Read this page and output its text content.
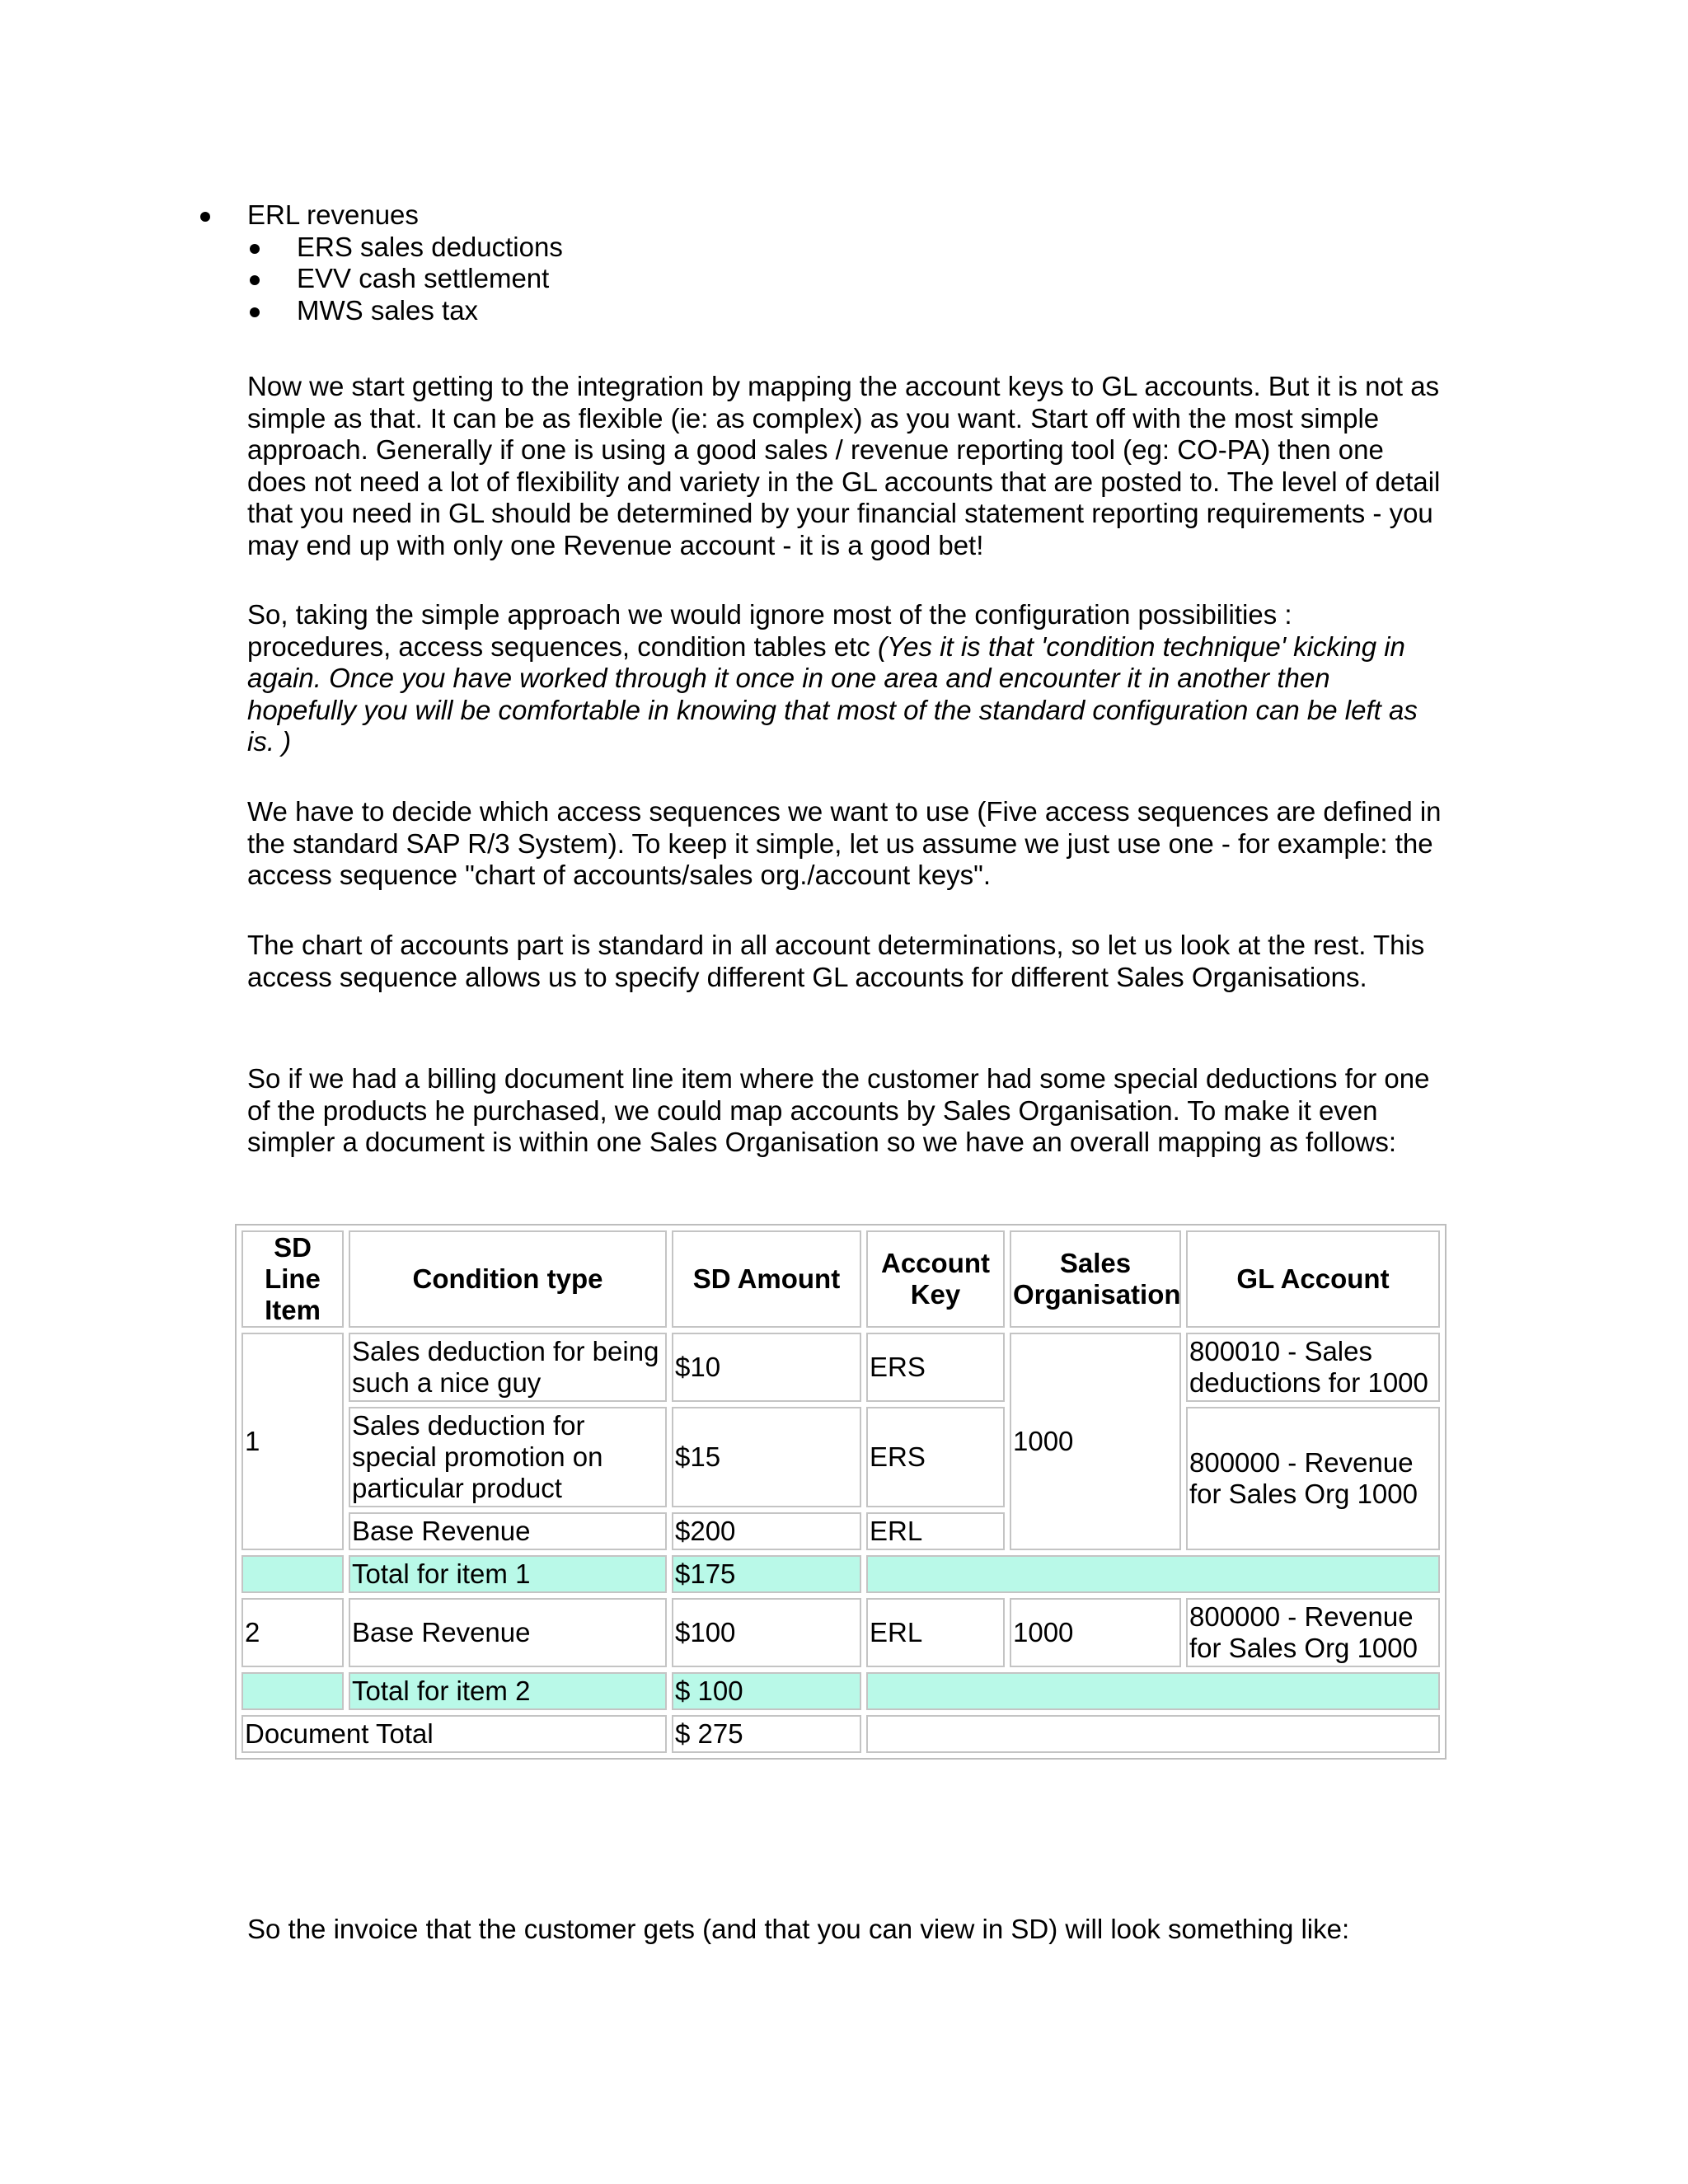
ERL revenues
ERS sales deductions
EVV cash settlement
MWS sales tax

Now we start getting to the integration by mapping the account keys to GL accounts. But it is not as simple as that. It can be as flexible (ie: as complex) as you want. Start off with the most simple approach. Generally if one is using a good sales / revenue reporting tool (eg: CO-PA) then one does not need a lot of flexibility and variety in the GL accounts that are posted to. The level of detail that you need in GL should be determined by your financial statement reporting requirements - you may end up with only one Revenue account - it is a good bet!

So, taking the simple approach we would ignore most of the configuration possibilities : procedures, access sequences, condition tables etc (Yes it is that 'condition technique' kicking in again. Once you have worked through it once in one area and encounter it in another then hopefully you will be comfortable in knowing that most of the standard configuration can be left as is. )

We have to decide which access sequences we want to use (Five access sequences are defined in the standard SAP R/3 System). To keep it simple, let us assume we just use one - for example: the access sequence "chart of accounts/sales org./account keys".

The chart of accounts part is standard in all account determinations, so let us look at the rest. This access sequence allows us to specify different GL accounts for different Sales Organisations.

So if we had a billing document line item where the customer had some special deductions for one of the products he purchased, we could map accounts by Sales Organisation. To make it even simpler a document is within one Sales Organisation so we have an overall mapping as follows:

SD Line Item	Condition type	SD Amount	Account Key	Sales Organisation	GL Account
1	Sales deduction for being such a nice guy	$10	ERS	1000	800010 - Sales deductions for 1000
	Sales deduction for special promotion on particular product	$15	ERS		800000 - Revenue for Sales Org 1000
	Base Revenue	$200	ERL		
	Total for item 1	$175			
2	Base Revenue	$100	ERL	1000	800000 - Revenue for Sales Org 1000
	Total for item 2	$ 100			
Document Total		$ 275			

So the invoice that the customer gets (and that you can view in SD) will look something like:
